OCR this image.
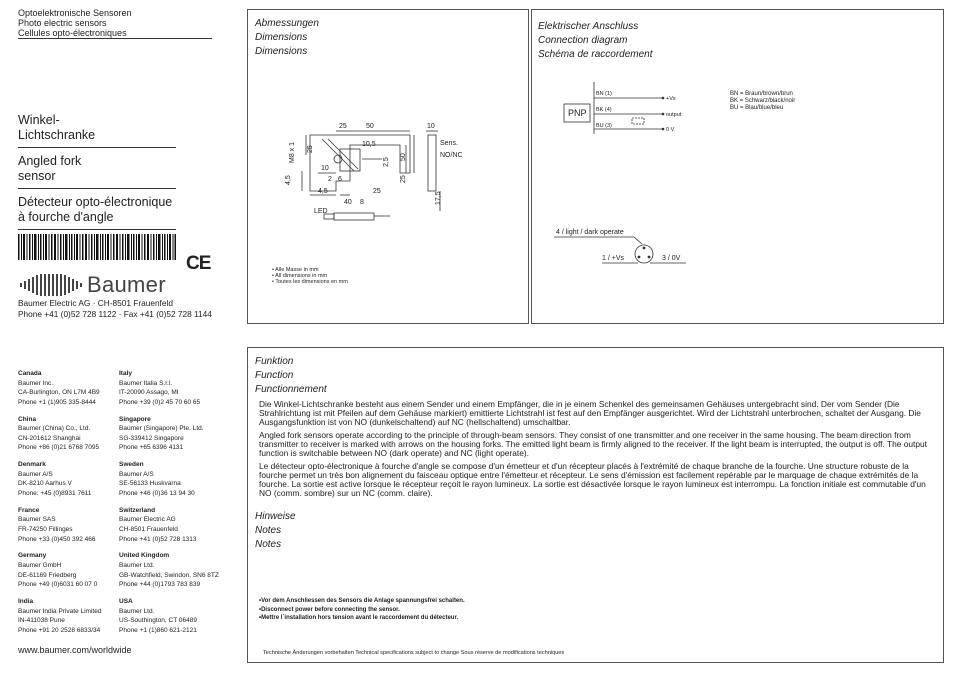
Optoelektronische Sensoren
Photo electric sensors
Cellules opto-électroniques
Winkel-
Lichtschranke
Angled fork
sensor
Détecteur opto-électronique
à fourche d'angle
CE
Baumer
Baumer Electric AG · CH-8501 Frauenfeld
Phone +41 (0)52 728 1122 · Fax +41 (0)52 728 1144
Abmessungen
Dimensions
Dimensions
25	50	10
M8 x 1 25
10,5
2,5
50
10
2
4,5
4,5	25
25
17,5
Sens.
NO/NC
LED
40 8
6
• Alle Masse in mm
• All dimensions in mm
• Toutes les dimensions en mm
Elektrischer Anschluss
Connection diagram
Schéma de raccordement
BN (1)
BK (4)
BU (3)
+Vs
output
0 V
PNP
BN = Braun/brown/brun
BK = Schwarz/black/noir
BU = Blau/blue/bleu
4 / light / dark operate
1 / +Vs	3 / 0V
Canada
Baumer Inc.
CA-Burlington, ON L7M 4B9
Phone +1 (1)905 335-8444
Italy
Baumer Italia S.r.l.
IT-20090 Assago, MI
Phone +39 (0)2 45 70 60 65
China
Baumer (China) Co., Ltd.
CN-201612 Shanghai
Phone +86 (0)21 6768 7095
Singapore
Baumer (Singapore) Pte. Ltd.
SG-339412 Singapore
Phone +65 6396 4131
Denmark
Baumer A/S
DK-8210 Aarhus V
Phone: +45 (0)8931 7611
Sweden
Baumer A/S
SE-56133 Huskvarna
Phone +46 (0)36 13 94 30
France
Baumer SAS
FR-74250 Fillinges
Phone +33 (0)450 392 466
Switzerland
Baumer Electric AG
CH-8501 Frauenfeld
Phone +41 (0)52 728 1313
Germany
Baumer GmbH
DE-61169 Friedberg
Phone +49 (0)6031 60 07 0
United Kingdom
Baumer Ltd.
GB-Watchfield, Swindon, SN6 8TZ
Phone +44 (0)1793 783 839
India
Baumer India Private Limited
IN-411038 Pune
Phone +91 20 2528 6833/34
USA
Baumer Ltd.
US-Southington, CT 06489
Phone +1 (1)860 621-2121
www.baumer.com/worldwide
Funktion
Function
Functionnement

Die Winkel-Lichtschranke besteht aus einem Sender und einem Empfänger, die in je einem Schenkel des gemeinsamen Gehäuses untergebracht sind. Der vom Sender (Die Strahlrichtung ist mit Pfeilen auf dem Gehäuse markiert) emittierte Lichtstrahl ist fest auf den Empfänger ausgerichtet. Wird der Lichtstrahl unterbrochen, schaltet der Ausgang. Die Ausgangsfunktion ist von NO (dunkelschaltend) auf NC (hellschaltend) umschaltbar.

Angled fork sensors operate according to the principle of through-beam sensors. They consist of one transmitter and one receiver in the same housing. The beam direction from transmitter to receiver is marked with arrows on the housing forks. The emitted light beam is firmly aligned to the receiver. If the light beam is interrupted, the output is off. The output function is switchable between NO (dark operate) and NC (light operate).

Le détecteur opto-électronique à fourche d'angle se compose d'un émetteur et d'un récepteur placés à l'extrémité de chaque branche de la fourche. Une structure robuste de la fourche permet un très bon alignement du faisceau optique entre l'émetteur et récepteur. Le sens d'émission est facilement repérable par le marquage de chaque extrémités de la fourche. La sortie est active lorsque le récepteur reçoit le rayon lumineux. La sortie est désactivée lorsque le rayon lumineux est interrompu. La fonction initiale est commutable d'un NO (comm. sombre) sur un NC (comm. claire).

Hinweise
Notes
Notes
•Vor dem Anschliessen des Sensors die Anlage spannungsfrei schalten.
•Disconnect power before connecting the sensor.
•Mettre l´installation hors tension avant le raccordement du détecteur.
Technische Änderungen vorbehalten Technical specifications subject to change Sous réserve de modifications techniques
